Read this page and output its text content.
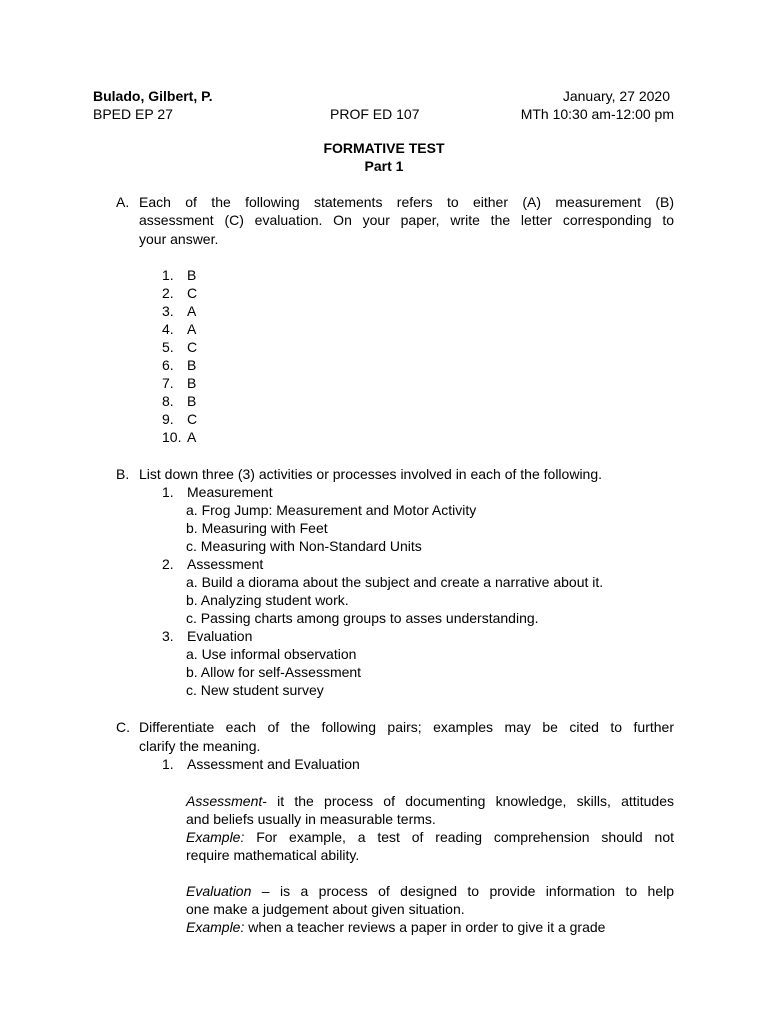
Bulado, Gilbert, P.	January, 27 2020
BPED EP 27	PROF ED 107	MTh 10:30 am-12:00 pm
FORMATIVE TEST
Part 1
A. Each of the following statements refers to either (A) measurement (B)
assessment (C) evaluation. On your paper, write the letter corresponding to
your answer.
1. B
2. C
3. A
4. A
5. C
6. B
7. B
8. B
9. C
10. A
B. List down three (3) activities or processes involved in each of the following.
1. Measurement
a. Frog Jump: Measurement and Motor Activity
b. Measuring with Feet
c. Measuring with Non-Standard Units
2. Assessment
a. Build a diorama about the subject and create a narrative about it.
b. Analyzing student work.
c. Passing charts among groups to asses understanding.
3. Evaluation
a. Use informal observation
b. Allow for self-Assessment
c. New student survey
C. Differentiate each of the following pairs; examples may be cited to further
clarify the meaning.
1. Assessment and Evaluation
Assessment- it the process of documenting knowledge, skills, attitudes
and beliefs usually in measurable terms.
Example: For example, a test of reading comprehension should not
require mathematical ability.
Evaluation – is a process of designed to provide information to help
one make a judgement about given situation.
Example: when a teacher reviews a paper in order to give it a grade
